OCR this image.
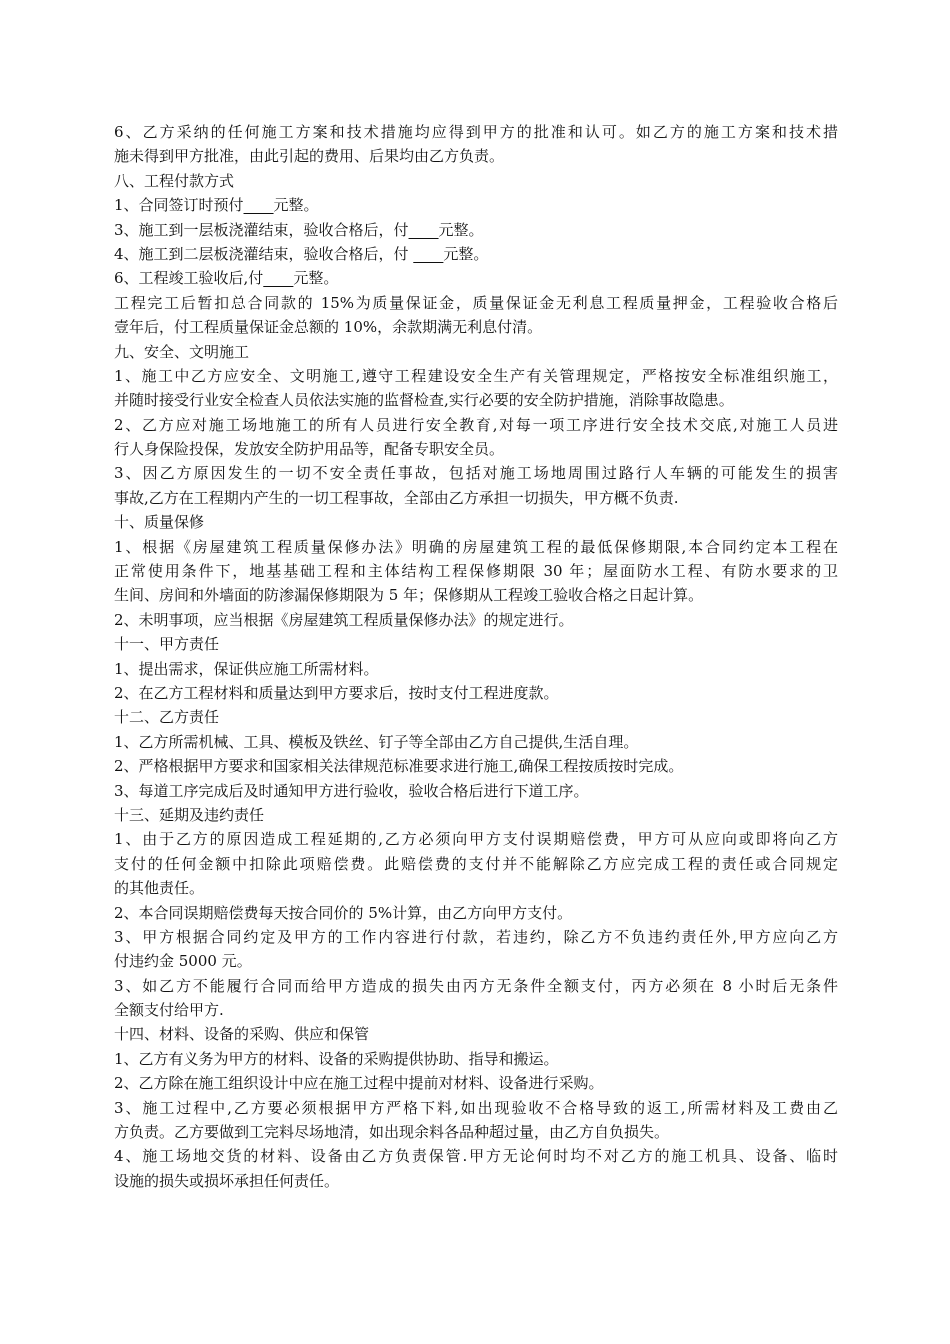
6、乙方采纳的任何施工方案和技术措施均应得到甲方的批准和认可。如乙方的施工方案和技术措
施未得到甲方批准，由此引起的费用、后果均由乙方负责。
八、工程付款方式
1、合同签订时预付____元整。
3、施工到一层板浇灌结束，验收合格后，付____元整。
4、施工到二层板浇灌结束，验收合格后，付 ____元整。
6、工程竣工验收后,付____元整。
工程完工后暂扣总合同款的 15%为质量保证金，质量保证金无利息工程质量押金，工程验收合格后
壹年后，付工程质量保证金总额的 10%，余款期满无利息付清。
九、安全、文明施工
1、施工中乙方应安全、文明施工,遵守工程建设安全生产有关管理规定，严格按安全标准组织施工，
并随时接受行业安全检查人员依法实施的监督检查,实行必要的安全防护措施，消除事故隐患。
2、乙方应对施工场地施工的所有人员进行安全教育,对每一项工序进行安全技术交底,对施工人员进
行人身保险投保，发放安全防护用品等，配备专职安全员。
3、因乙方原因发生的一切不安全责任事故，包括对施工场地周围过路行人车辆的可能发生的损害
事故,乙方在工程期内产生的一切工程事故，全部由乙方承担一切损失，甲方概不负责.
十、质量保修
1、根据《房屋建筑工程质量保修办法》明确的房屋建筑工程的最低保修期限,本合同约定本工程在
正常使用条件下，地基基础工程和主体结构工程保修期限 30 年；屋面防水工程、有防水要求的卫
生间、房间和外墙面的防渗漏保修期限为 5 年；保修期从工程竣工验收合格之日起计算。
2、未明事项，应当根据《房屋建筑工程质量保修办法》的规定进行。
十一、甲方责任
1、提出需求，保证供应施工所需材料。
2、在乙方工程材料和质量达到甲方要求后，按时支付工程进度款。
十二、乙方责任
1、乙方所需机械、工具、模板及铁丝、钉子等全部由乙方自己提供,生活自理。
2、严格根据甲方要求和国家相关法律规范标准要求进行施工,确保工程按质按时完成。
3、每道工序完成后及时通知甲方进行验收，验收合格后进行下道工序。
十三、延期及违约责任
1、由于乙方的原因造成工程延期的,乙方必须向甲方支付误期赔偿费，甲方可从应向或即将向乙方
支付的任何金额中扣除此项赔偿费。此赔偿费的支付并不能解除乙方应完成工程的责任或合同规定
的其他责任。
2、本合同误期赔偿费每天按合同价的 5%计算，由乙方向甲方支付。
3、甲方根据合同约定及甲方的工作内容进行付款，若违约，除乙方不负违约责任外,甲方应向乙方
付违约金 5000 元。
3、如乙方不能履行合同而给甲方造成的损失由丙方无条件全额支付，丙方必须在 8 小时后无条件
全额支付给甲方.
十四、材料、设备的采购、供应和保管
1、乙方有义务为甲方的材料、设备的采购提供协助、指导和搬运。
2、乙方除在施工组织设计中应在施工过程中提前对材料、设备进行采购。
3、施工过程中,乙方要必须根据甲方严格下料,如出现验收不合格导致的返工,所需材料及工费由乙
方负责。乙方要做到工完料尽场地清，如出现余料各品种超过量，由乙方自负损失。
4、施工场地交货的材料、设备由乙方负责保管.甲方无论何时均不对乙方的施工机具、设备、临时
设施的损失或损坏承担任何责任。
